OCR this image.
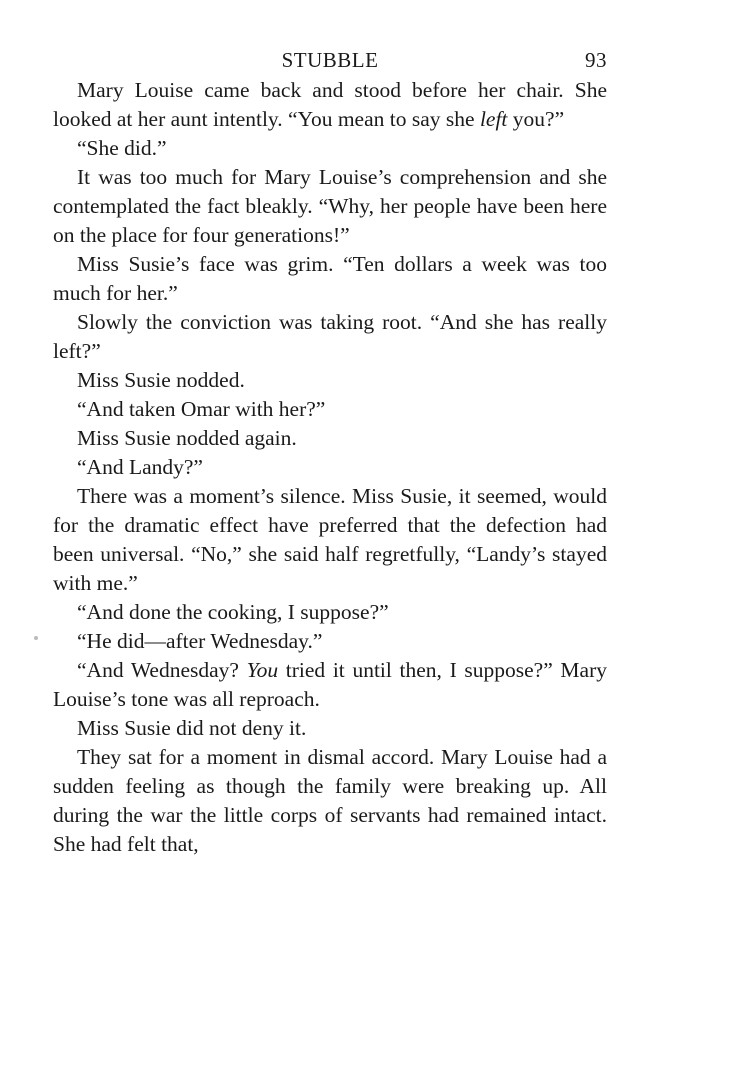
STUBBLE	93

Mary Louise came back and stood before her chair. She looked at her aunt intently. “You mean to say she left you?”

“She did.”

It was too much for Mary Louise’s comprehension and she contemplated the fact bleakly. “Why, her people have been here on the place for four generations!”

Miss Susie’s face was grim. “Ten dollars a week was too much for her.”

Slowly the conviction was taking root. “And she has really left?”

Miss Susie nodded.

“And taken Omar with her?”

Miss Susie nodded again.

“And Landy?”

There was a moment’s silence. Miss Susie, it seemed, would for the dramatic effect have preferred that the defection had been universal. “No,” she said half regretfully, “Landy’s stayed with me.”

“And done the cooking, I suppose?”

“He did—after Wednesday.”

“And Wednesday? You tried it until then, I suppose?” Mary Louise’s tone was all reproach.

Miss Susie did not deny it.

They sat for a moment in dismal accord. Mary Louise had a sudden feeling as though the family were breaking up. All during the war the little corps of servants had remained intact. She had felt that,
